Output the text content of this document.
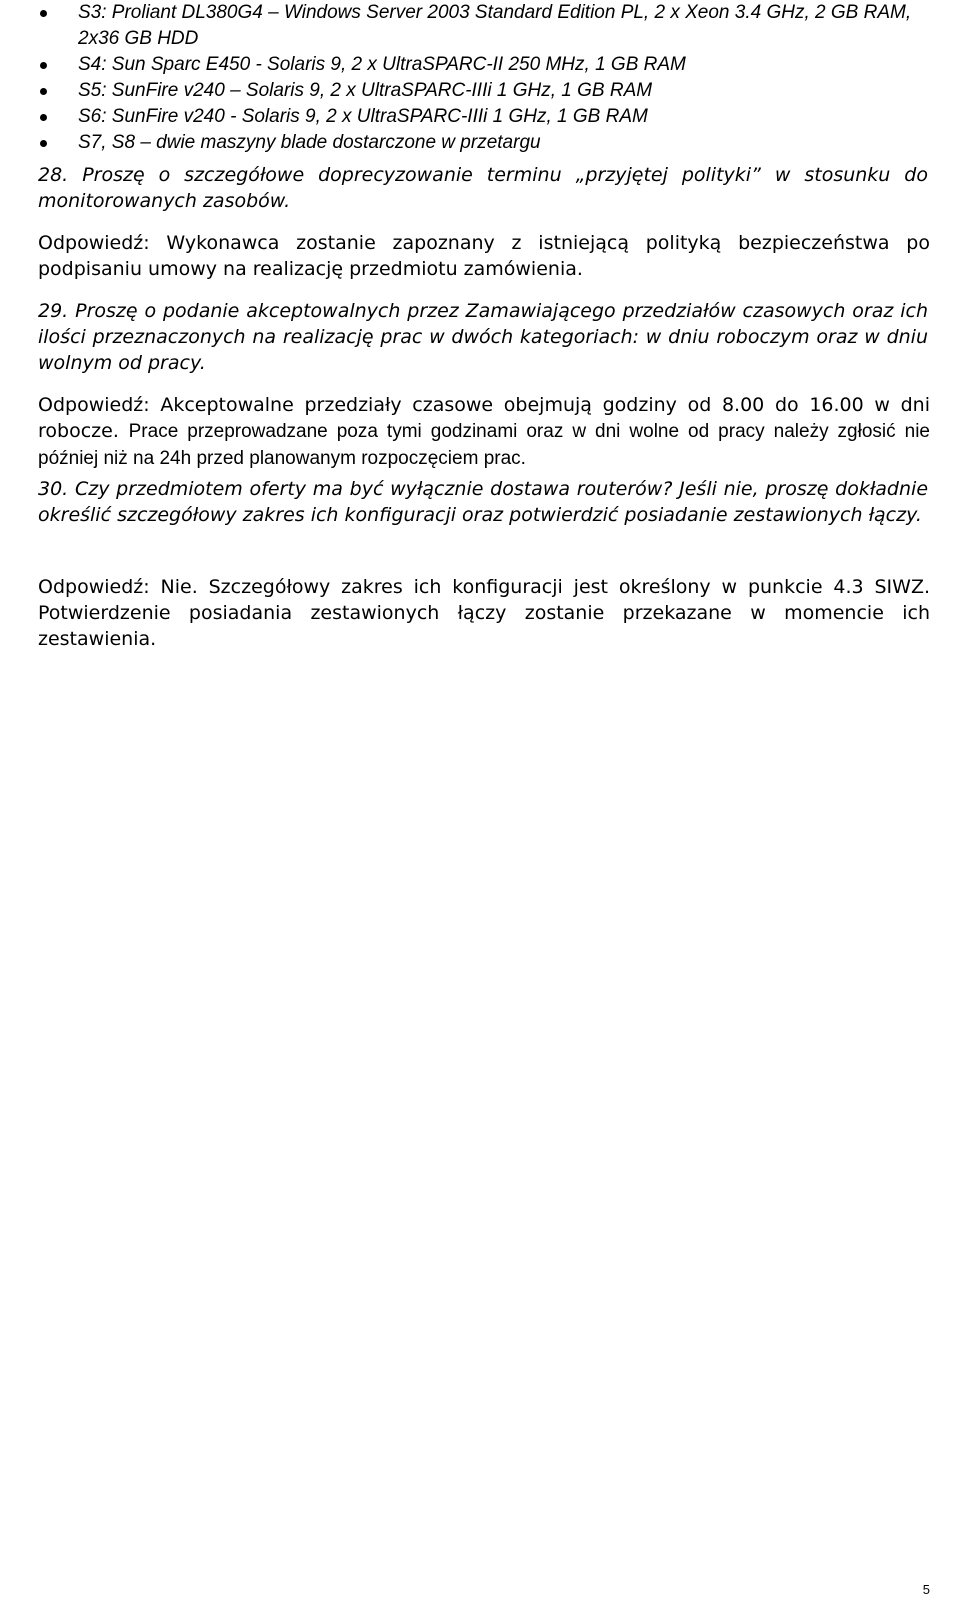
S3: Proliant DL380G4 – Windows Server 2003 Standard Edition PL, 2 x Xeon 3.4 GHz, 2 GB RAM, 2x36 GB HDD
S4: Sun Sparc E450 - Solaris 9, 2 x UltraSPARC-II 250 MHz, 1 GB RAM
S5: SunFire v240 – Solaris 9, 2 x UltraSPARC-IIIi 1 GHz, 1 GB RAM
S6: SunFire v240 - Solaris 9, 2 x UltraSPARC-IIIi 1 GHz, 1 GB RAM
S7, S8 – dwie maszyny blade dostarczone w przetargu
28. Proszę o szczegółowe doprecyzowanie terminu „przyjętej polityki” w stosunku do monitorowanych zasobów.
Odpowiedź: Wykonawca zostanie zapoznany z istniejącą polityką bezpieczeństwa po podpisaniu umowy na realizację przedmiotu zamówienia.
29. Proszę o podanie akceptowalnych przez Zamawiającego przedziałów czasowych oraz ich ilości przeznaczonych na realizację prac w dwóch kategoriach: w dniu roboczym oraz w dniu wolnym od pracy.
Odpowiedź: Akceptowalne przedziały czasowe obejmują godziny od 8.00 do 16.00 w dni robocze. Prace przeprowadzane poza tymi godzinami oraz w dni wolne od pracy należy zgłosić nie później niż na 24h przed planowanym rozpoczęciem prac.
30. Czy przedmiotem oferty ma być wyłącznie dostawa routerów? Jeśli nie, proszę dokładnie określić szczegółowy zakres ich konfiguracji oraz potwierdzić posiadanie zestawionych łączy.
Odpowiedź: Nie. Szczegółowy zakres ich konfiguracji jest określony w punkcie 4.3 SIWZ. Potwierdzenie posiadania zestawionych łączy zostanie przekazane w momencie ich zestawienia.
5
